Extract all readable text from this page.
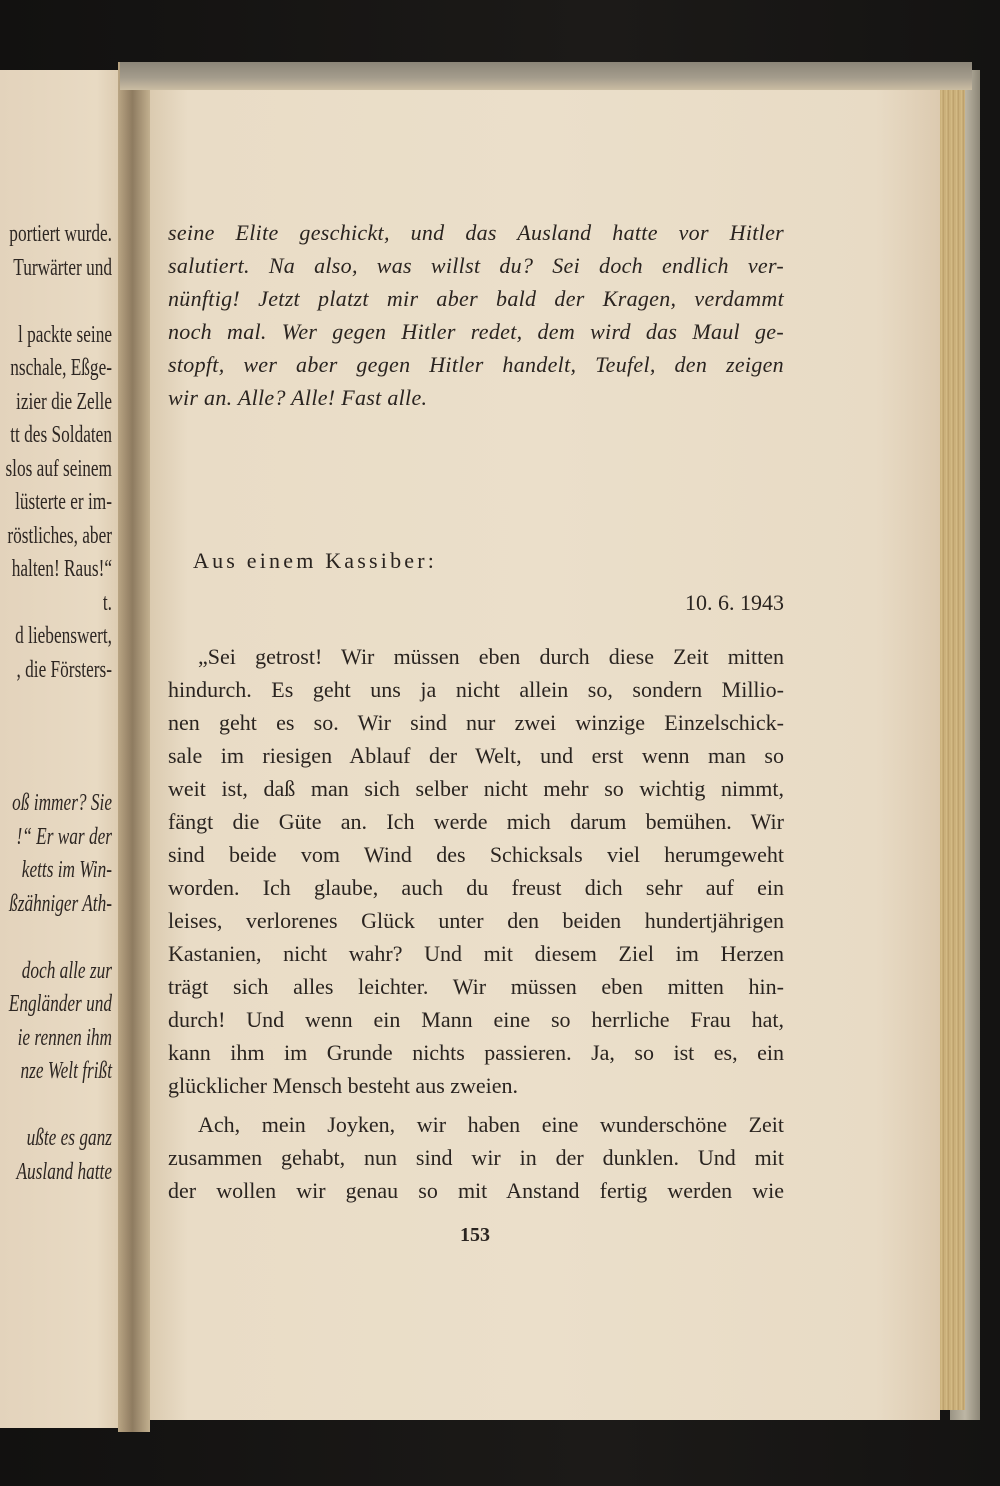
portiert wurde.
Turwärter und
l packte seine
nschale, Eßge-
izier die Zelle
tt des Soldaten
slos auf seinem
lüsterte er im-
röstliches, aber
halten! Raus!“
t.
d liebenswert,
, die Försters-
oß immer? Sie
!“ Er war der
ketts im Win-
ßzähniger Ath-
doch alle zur
Engländer und
ie rennen ihm
nze Welt frißt
ußte es ganz
Ausland hatte
seine Elite geschickt, und das Ausland hatte vor Hitler
salutiert. Na also, was willst du? Sei doch endlich ver-
nünftig! Jetzt platzt mir aber bald der Kragen, verdammt
noch mal. Wer gegen Hitler redet, dem wird das Maul ge-
stopft, wer aber gegen Hitler handelt, Teufel, den zeigen
wir an. Alle? Alle! Fast alle.
Aus einem Kassiber:
10. 6. 1943
„Sei getrost! Wir müssen eben durch diese Zeit mitten
hindurch. Es geht uns ja nicht allein so, sondern Millio-
nen geht es so. Wir sind nur zwei winzige Einzelschick-
sale im riesigen Ablauf der Welt, und erst wenn man so
weit ist, daß man sich selber nicht mehr so wichtig nimmt,
fängt die Güte an. Ich werde mich darum bemühen. Wir
sind beide vom Wind des Schicksals viel herumgeweht
worden. Ich glaube, auch du freust dich sehr auf ein
leises, verlorenes Glück unter den beiden hundertjährigen
Kastanien, nicht wahr? Und mit diesem Ziel im Herzen
trägt sich alles leichter. Wir müssen eben mitten hin-
durch! Und wenn ein Mann eine so herrliche Frau hat,
kann ihm im Grunde nichts passieren. Ja, so ist es, ein
glücklicher Mensch besteht aus zweien.
Ach, mein Joyken, wir haben eine wunderschöne Zeit
zusammen gehabt, nun sind wir in der dunklen. Und mit
der wollen wir genau so mit Anstand fertig werden wie
153
